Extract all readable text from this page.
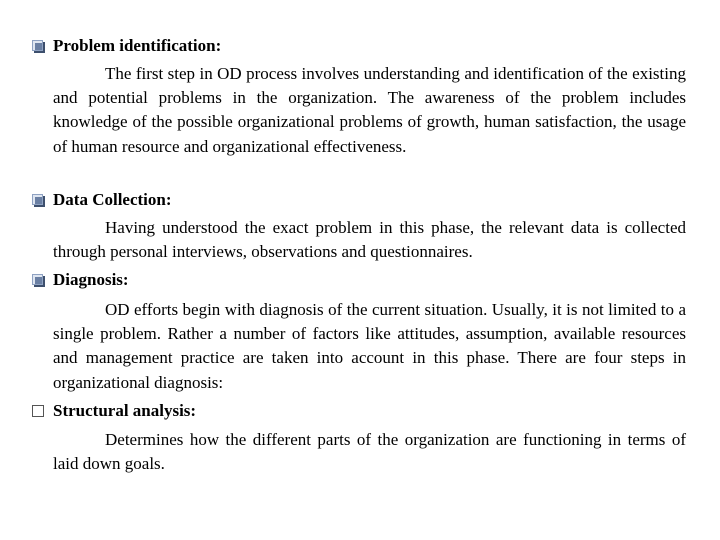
Problem identification:

The first step in OD process involves understanding and identification of the existing and potential problems in the organization. The awareness of the problem includes knowledge of the possible organizational problems of growth, human satisfaction, the usage of human resource and organizational effectiveness.

Data Collection:

Having understood the exact problem in this phase, the relevant data is collected through personal interviews, observations and questionnaires.

Diagnosis:

OD efforts begin with diagnosis of the current situation. Usually, it is not limited to a single problem. Rather a number of factors like attitudes, assumption, available resources and management practice are taken into account in this phase. There are four steps in organizational diagnosis:

Structural analysis:

Determines how the different parts of the organization are functioning in terms of laid down goals.
